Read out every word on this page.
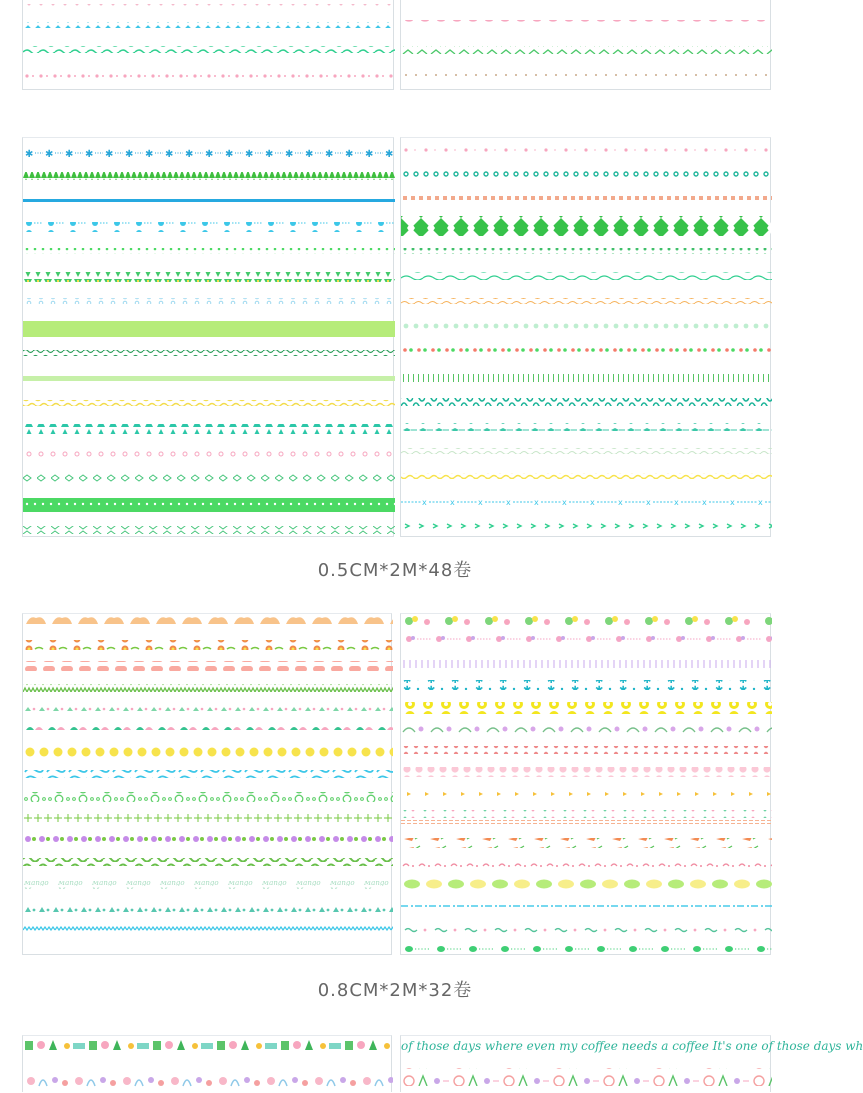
0.5CM*2M*48卷
0.8CM*2M*32卷
of those days where even my coffee needs a coffee It's one of those days wh
